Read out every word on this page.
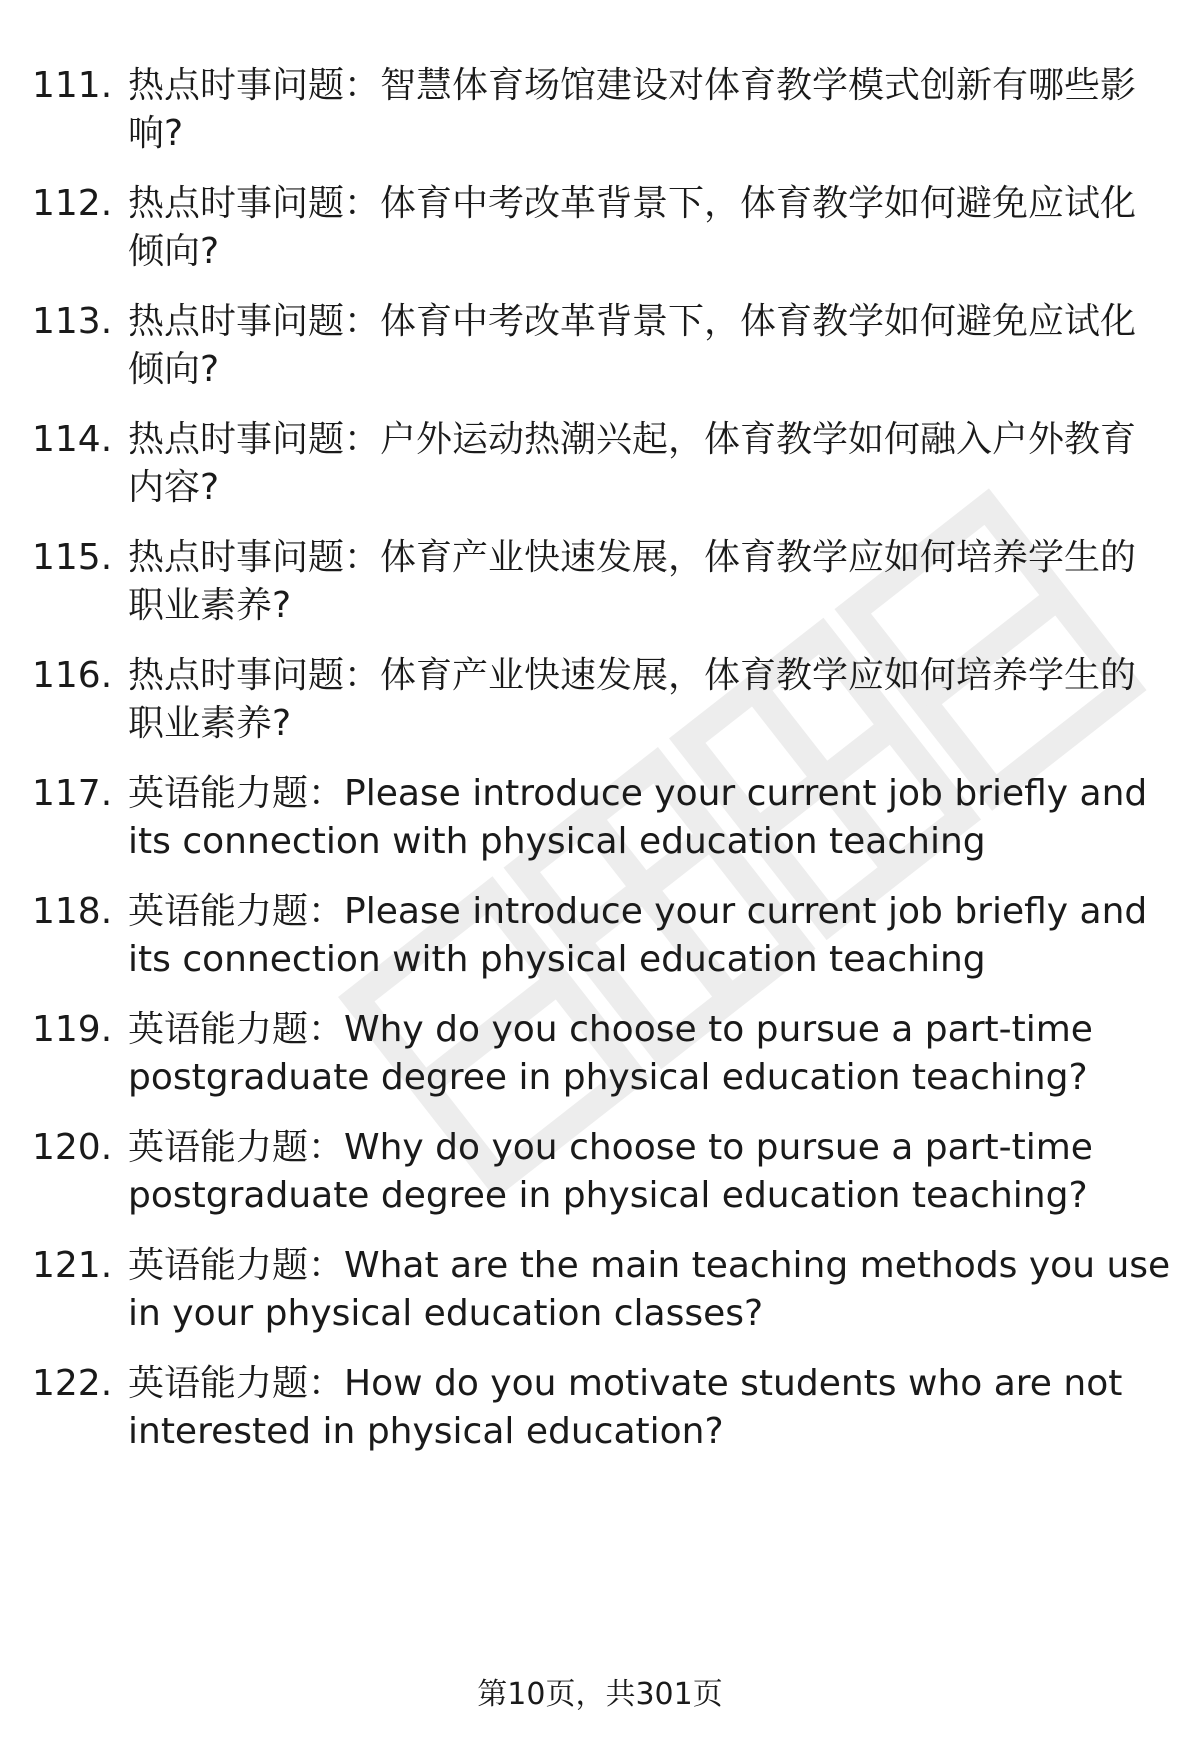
111. 热点时事问题：智慧体育场馆建设对体育教学模式创新有哪些影
响?
112. 热点时事问题：体育中考改革背景下，体育教学如何避免应试化
倾向?
113. 热点时事问题：体育中考改革背景下，体育教学如何避免应试化
倾向?
114. 热点时事问题：户外运动热潮兴起，体育教学如何融入户外教育
内容?
115. 热点时事问题：体育产业快速发展，体育教学应如何培养学生的
职业素养?
116. 热点时事问题：体育产业快速发展，体育教学应如何培养学生的
职业素养?
117. 英语能力题：Please introduce your current job briefly and
its connection with physical education teaching
118. 英语能力题：Please introduce your current job briefly and
its connection with physical education teaching
119. 英语能力题：Why do you choose to pursue a part-time
postgraduate degree in physical education teaching?
120. 英语能力题：Why do you choose to pursue a part-time
postgraduate degree in physical education teaching?
121. 英语能力题：What are the main teaching methods you use
in your physical education classes?
122. 英语能力题：How do you motivate students who are not
interested in physical education?
第10页，共301页
